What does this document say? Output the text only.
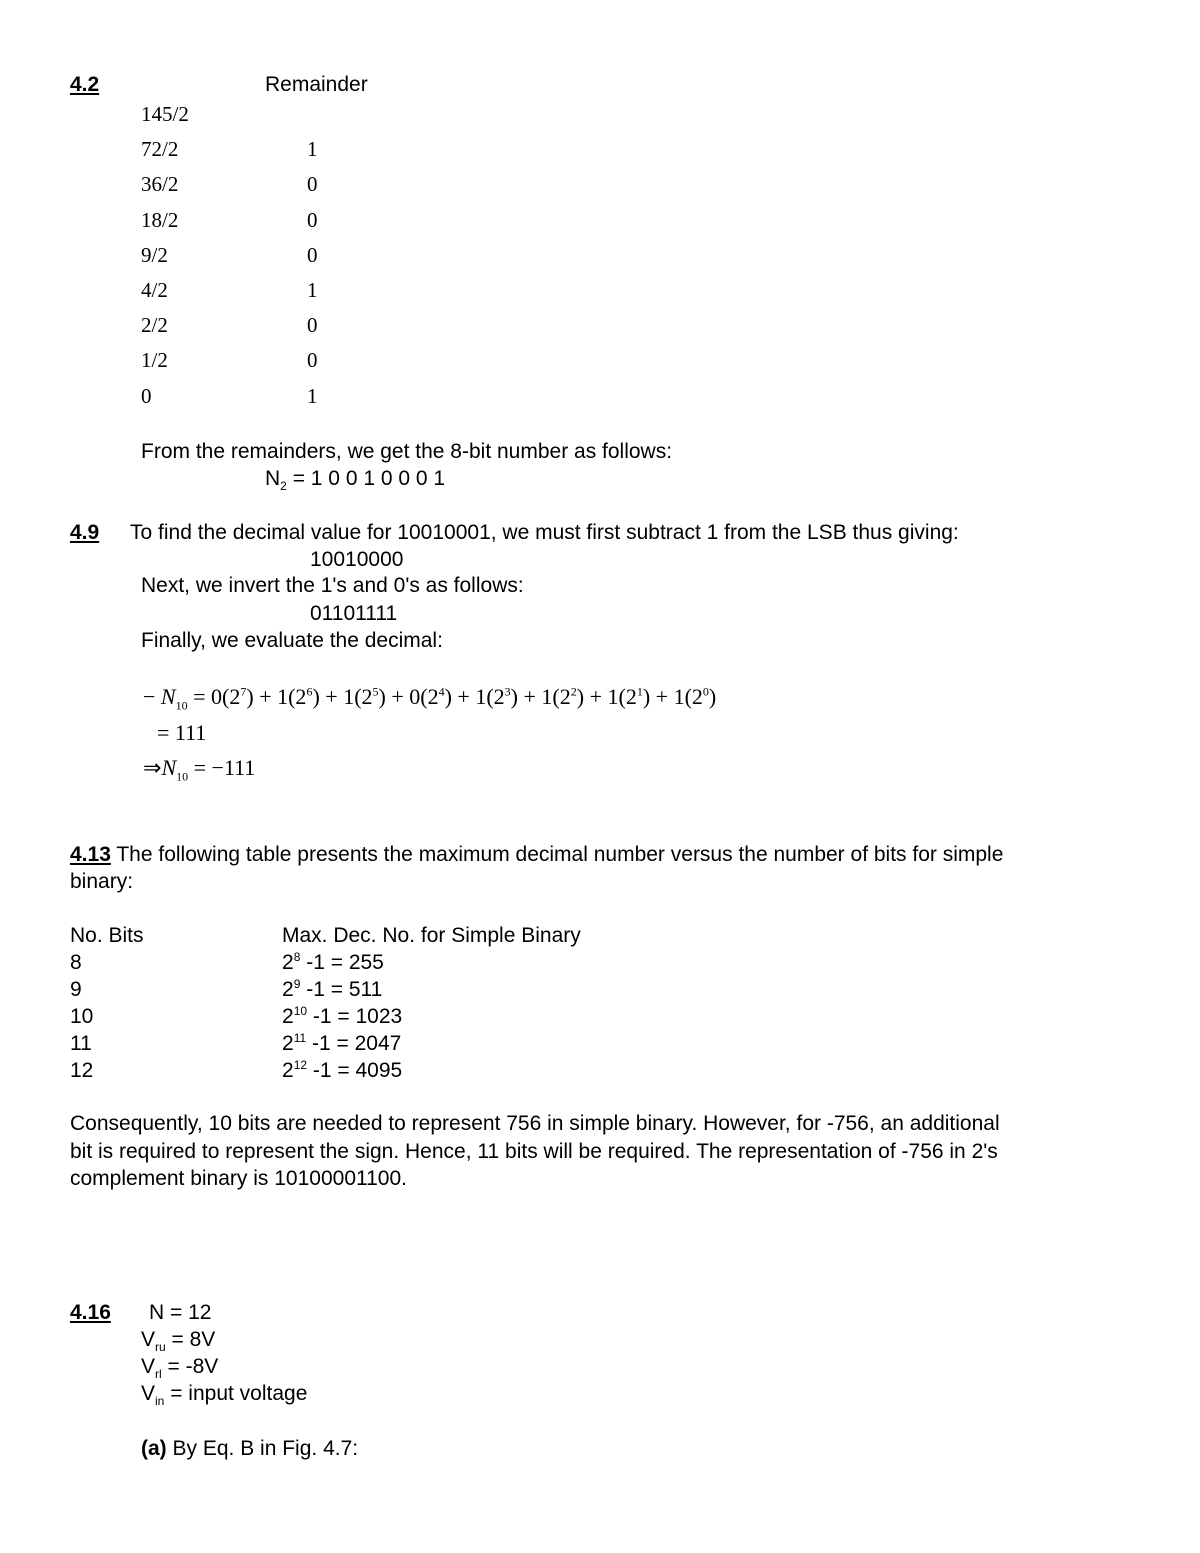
4.2	Remainder
145/2
72/2	1
36/2	0
18/2	0
9/2	0
4/2	1
2/2	0
1/2	0
0	1
From the remainders, we get the 8-bit number as follows:
$N_2 = 1$ 0 0 1 0 0 0 1
4.9 To find the decimal value for 10010001, we must first subtract 1 from the LSB thus giving:
10010000
Next, we invert the 1's and 0's as follows:
01101111
Finally, we evaluate the decimal:
− $N_{10} = 0(2^7) + 1(2^6) + 1(2^5) + 0(2^4) + 1(2^3) + 1(2^2) + 1(2^1) + 1(2^0)$
= 111
$\Rightarrow N_{10} = -111$
4.13 The following table presents the maximum decimal number versus the number of bits for simple
binary:
No. Bits	Max. Dec. No. for Simple Binary
8	$2^8$ -1 = 255
9	$2^9$ -1 = 511
10	$2^{10}$ -1 = 1023
11	$2^{11}$ -1 = 2047
12	$2^{12}$ -1 = 4095
Consequently, 10 bits are needed to represent 756 in simple binary. However, for -756, an additional
bit is required to represent the sign. Hence, 11 bits will be required. The representation of -756 in 2's
complement binary is 10100001100.
4.16 N = 12
$V_{ru} = 8V$
$V_{rl} = -8V$
$V_{in}$ = input voltage
(a) By Eq. B in Fig. 4.7:
